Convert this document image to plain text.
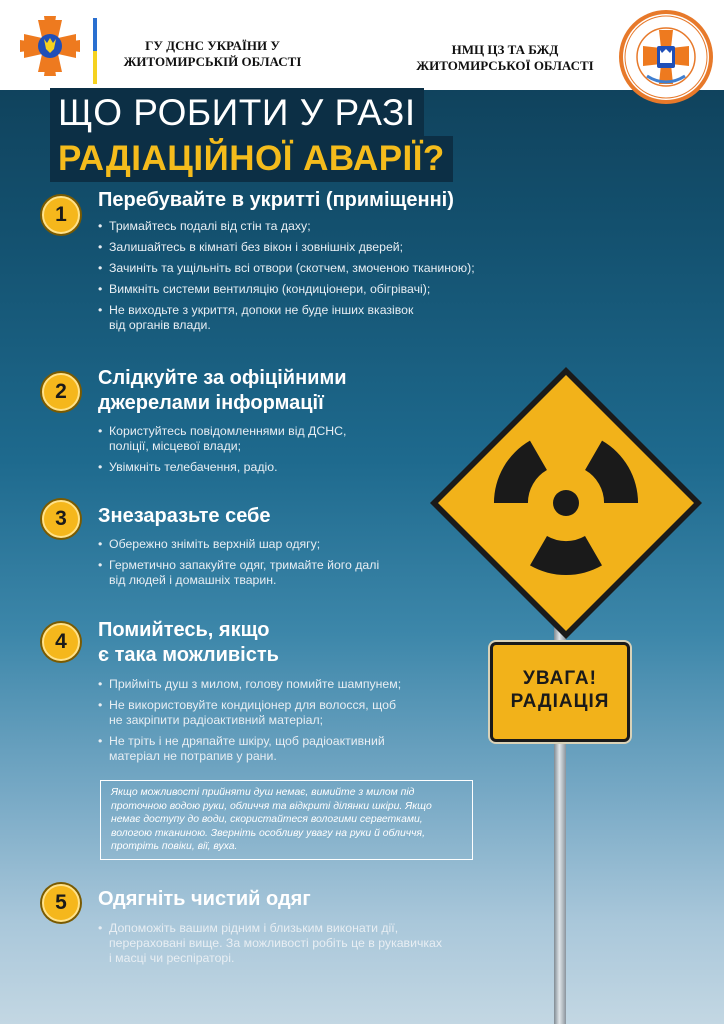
ГУ ДСНС УКРАЇНИ У
ЖИТОМИРСЬКІЙ ОБЛАСТІ
НМЦ ЦЗ ТА БЖД
ЖИТОМИРСЬКОЇ ОБЛАСТІ
ЩО РОБИТИ У РАЗІ
РАДІАЦІЙНОЇ АВАРІЇ?
1
Перебувайте в укритті (приміщенні)
• Тримайтесь подалі від стін та даху;
• Залишайтесь в кімнаті без вікон і зовнішніх дверей;
• Зачиніть та ущільніть всі отвори (скотчем, змоченою тканиною);
• Вимкніть системи вентиляцію (кондиціонери, обігрівачі);
• Не виходьте з укриття, допоки не буде інших вказівок
від органів влади.
2
Слідкуйте за офіційними
джерелами інформації
• Користуйтесь повідомленнями від ДСНС,
поліції, місцевої влади;
• Увімкніть телебачення, радіо.
3	Знезаразьте себе
• Обережно зніміть верхній шар одягу;
• Герметично запакуйте одяг, тримайте його далі
від людей і домашніх тварин.
4	Помийтесь, якщо
є така можливість
• Прийміть душ з милом, голову помийте шампунем;
• Не використовуйте кондиціонер для волосся, щоб
не закріпити радіоактивний матеріал;
• Не тріть і не дряпайте шкіру, щоб радіоактивний
матеріал не потрапив у рани.
Якщо можливості прийняти душ немає, вимийте з милом під проточною водою руки, обличчя та відкриті ділянки шкіри. Якщо немає доступу до води, скористайтеся вологими серветками, вологою тканиною. Зверніть особливу увагу на руки й обличчя, протріть повіки, вії, вуха.
5	Одягніть чистий одяг
• Допоможіть вашим рідним і близьким виконати дії,
перераховані вище. За можливості робіть це в рукавичках
і масці чи респіраторі.
УВАГА!
РАДІАЦІЯ
